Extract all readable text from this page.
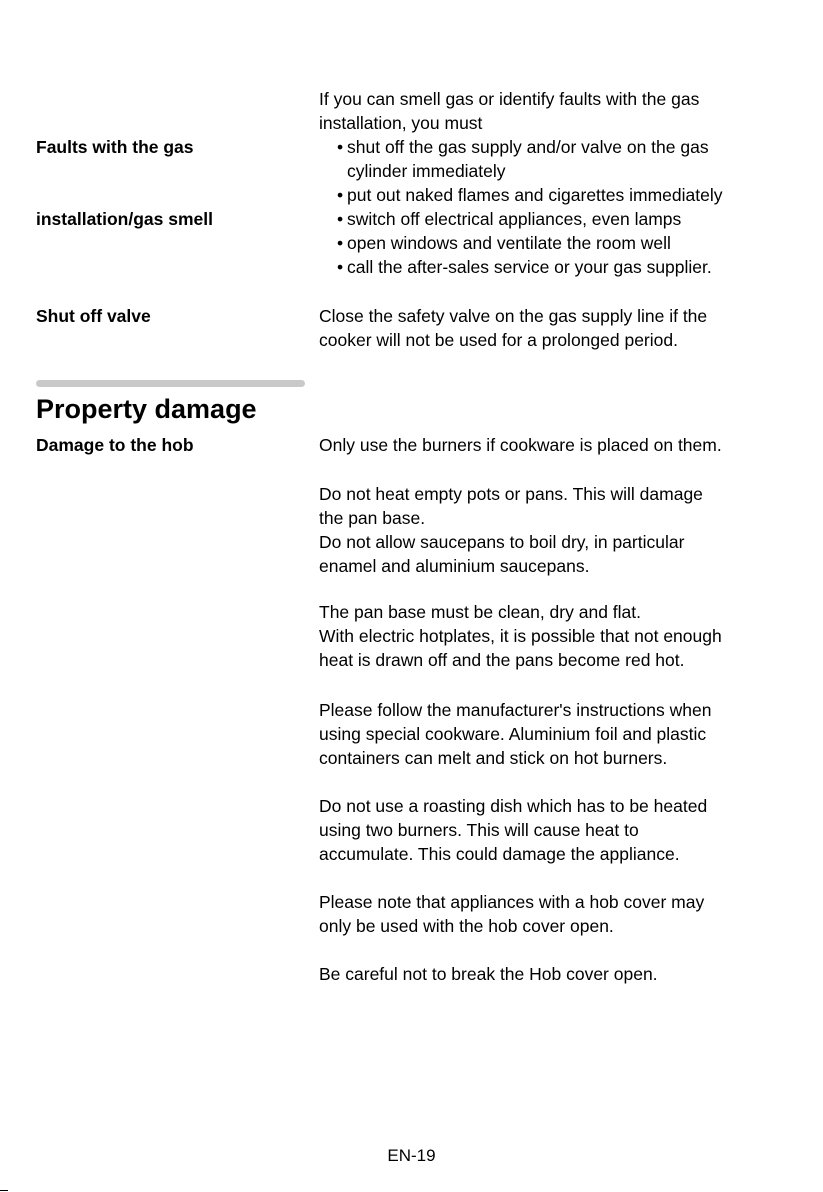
Faults with the gas

installation/gas smell

If you can smell gas or identify faults with the gas
installation, you must
• shut off the gas supply and/or valve on the gas
cylinder immediately
• put out naked flames and cigarettes immediately
• switch off electrical appliances, even lamps
• open windows and ventilate the room well
• call the after-sales service or your gas supplier.
Shut off valve	Close the safety valve on the gas supply line if the
cooker will not be used for a prolonged period.
Property damage
Damage to the hob	Only use the burners if cookware is placed on them.
Do not heat empty pots or pans. This will damage
the pan base.
Do not allow saucepans to boil dry, in particular
enamel and aluminium saucepans.
The pan base must be clean, dry and flat.
With electric hotplates, it is possible that not enough
heat is drawn off and the pans become red hot.
Please follow the manufacturer's instructions when
using special cookware. Aluminium foil and plastic
containers can melt and stick on hot burners.
Do not use a roasting dish which has to be heated
using two burners. This will cause heat to
accumulate. This could damage the appliance.
Please note that appliances with a hob cover may
only be used with the hob cover open.
Be careful not to break the Hob cover open.
EN-19
